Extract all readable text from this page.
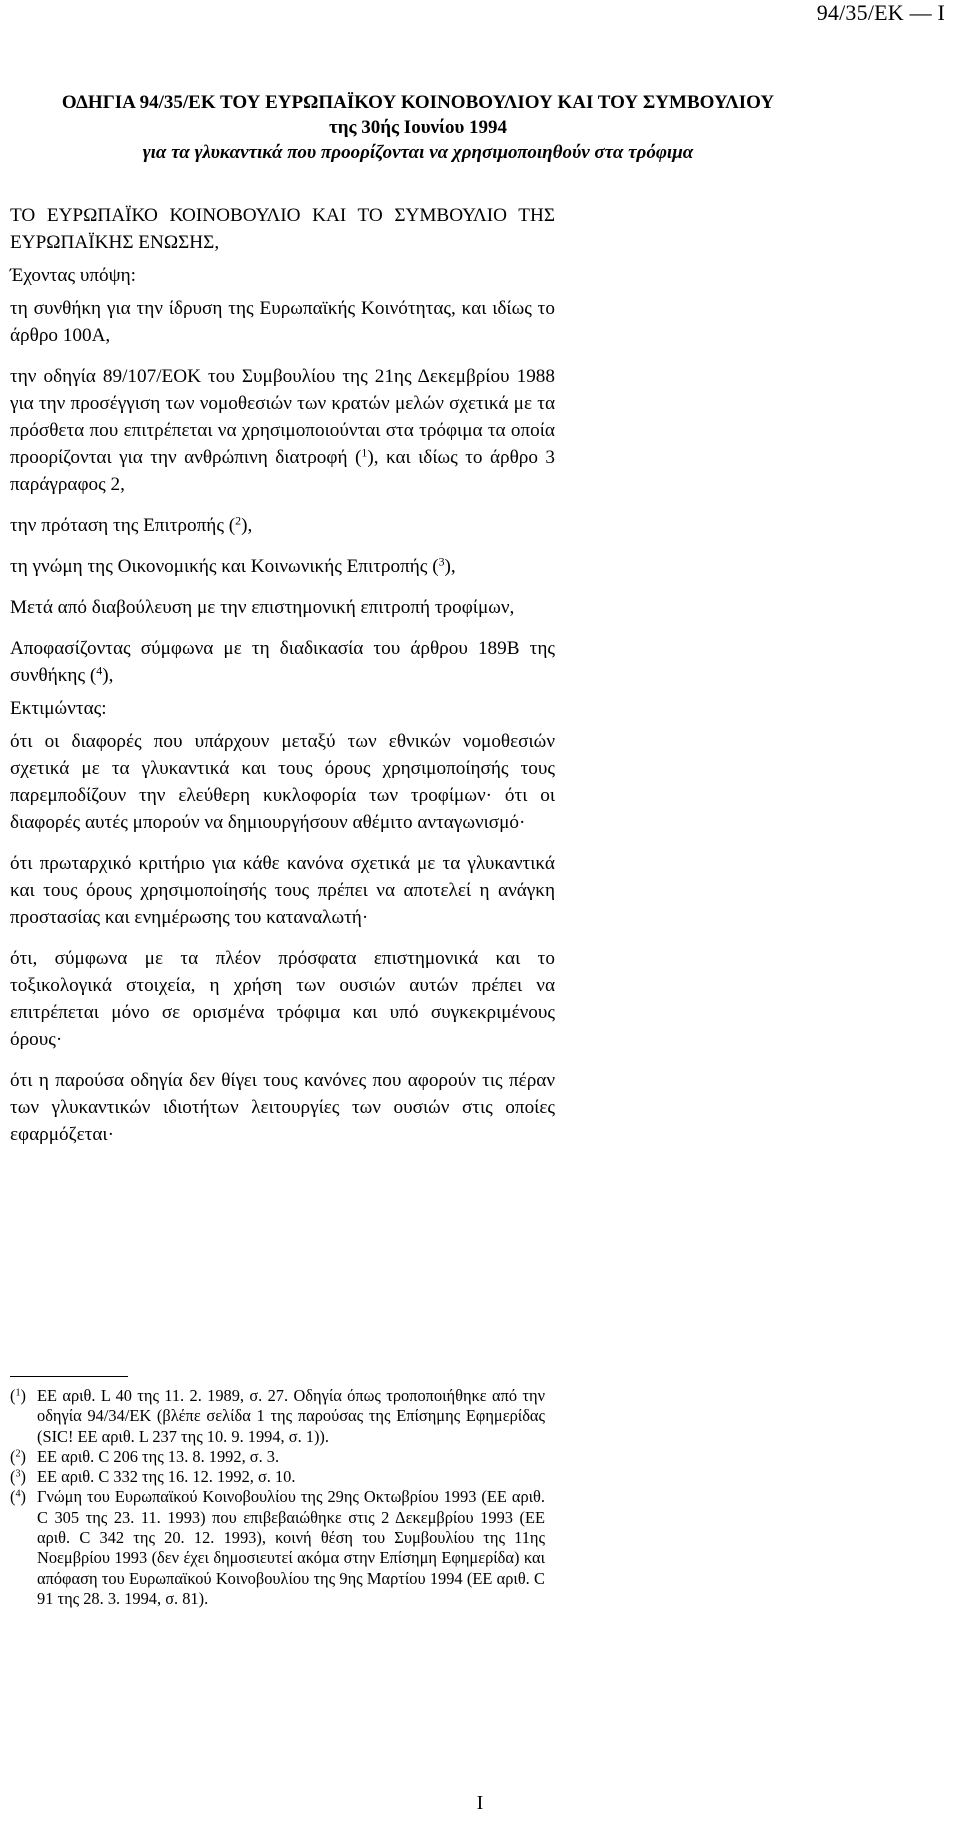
94/35/ΕΚ — Ι
ΟΔΗΓΙΑ 94/35/ΕΚ ΤΟΥ ΕΥΡΩΠΑΪΚΟΥ ΚΟΙΝΟΒΟΥΛΙΟΥ ΚΑΙ ΤΟΥ ΣΥΜΒΟΥΛΙΟΥ
της 30ής Ιουνίου 1994
για τα γλυκαντικά που προορίζονται να χρησιμοποιηθούν στα τρόφιμα

ΤΟ ΕΥΡΩΠΑΪΚΟ ΚΟΙΝΟΒΟΥΛΙΟ ΚΑΙ ΤΟ ΣΥΜΒΟΥΛΙΟ ΤΗΣ ΕΥΡΩΠΑΪΚΗΣ ΕΝΩΣΗΣ,

Έχοντας υπόψη:

τη συνθήκη για την ίδρυση της Ευρωπαϊκής Κοινότητας, και ιδίως το άρθρο 100Α,

την οδηγία 89/107/ΕΟΚ του Συμβουλίου της 21ης Δεκεμβρίου 1988 για την προσέγγιση των νομοθεσιών των κρατών μελών σχετικά με τα πρόσθετα που επιτρέπεται να χρησιμοποιούνται στα τρόφιμα τα οποία προορίζονται για την ανθρώπινη διατροφή ($^1$), και ιδίως το άρθρο 3 παράγραφος 2,

την πρόταση της Επιτροπής ($^2$),

τη γνώμη της Οικονομικής και Κοινωνικής Επιτροπής ($^3$),

Μετά από διαβούλευση με την επιστημονική επιτροπή τροφίμων,

Αποφασίζοντας σύμφωνα με τη διαδικασία του άρθρου 189Β της συνθήκης ($^4$),

Εκτιμώντας:

ότι οι διαφορές που υπάρχουν μεταξύ των εθνικών νομοθεσιών σχετικά με τα γλυκαντικά και τους όρους χρησιμοποίησής τους παρεμποδίζουν την ελεύθερη κυκλοφορία των τροφίμων· ότι οι διαφορές αυτές μπορούν να δημιουργήσουν αθέμιτο ανταγωνισμό·

ότι πρωταρχικό κριτήριο για κάθε κανόνα σχετικά με τα γλυκαντικά και τους όρους χρησιμοποίησής τους πρέπει να αποτελεί η ανάγκη προστασίας και ενημέρωσης του καταναλωτή·

ότι, σύμφωνα με τα πλέον πρόσφατα επιστημονικά και το τοξικολογικά στοιχεία, η χρήση των ουσιών αυτών πρέπει να επιτρέπεται μόνο σε ορισμένα τρόφιμα και υπό συγκεκριμένους όρους·

ότι η παρούσα οδηγία δεν θίγει τους κανόνες που αφορούν τις πέραν των γλυκαντικών ιδιοτήτων λειτουργίες των ουσιών στις οποίες εφαρμόζεται·

($^1$) ΕΕ αριθ. L 40 της 11. 2. 1989, σ. 27. Οδηγία όπως τροποποιήθηκε από την οδηγία 94/34/ΕΚ (βλέπε σελίδα 1 της παρούσας της Επίσημης Εφημερίδας (SIC! ΕΕ αριθ. L 237 της 10. 9. 1994, σ. 1)).
($^2$) ΕΕ αριθ. C 206 της 13. 8. 1992, σ. 3.
($^3$) ΕΕ αριθ. C 332 της 16. 12. 1992, σ. 10.
($^4$) Γνώμη του Ευρωπαϊκού Κοινοβουλίου της 29ης Οκτωβρίου 1993 (ΕΕ αριθ. C 305 της 23. 11. 1993) που επιβεβαιώθηκε στις 2 Δεκεμβρίου 1993 (ΕΕ αριθ. C 342 της 20. 12. 1993), κοινή θέση του Συμβουλίου της 11ης Νοεμβρίου 1993 (δεν έχει δημοσιευτεί ακόμα στην Επίσημη Εφημερίδα) και απόφαση του Ευρωπαϊκού Κοινοβουλίου της 9ης Μαρτίου 1994 (ΕΕ αριθ. C 91 της 28. 3. 1994, σ. 81).
I
